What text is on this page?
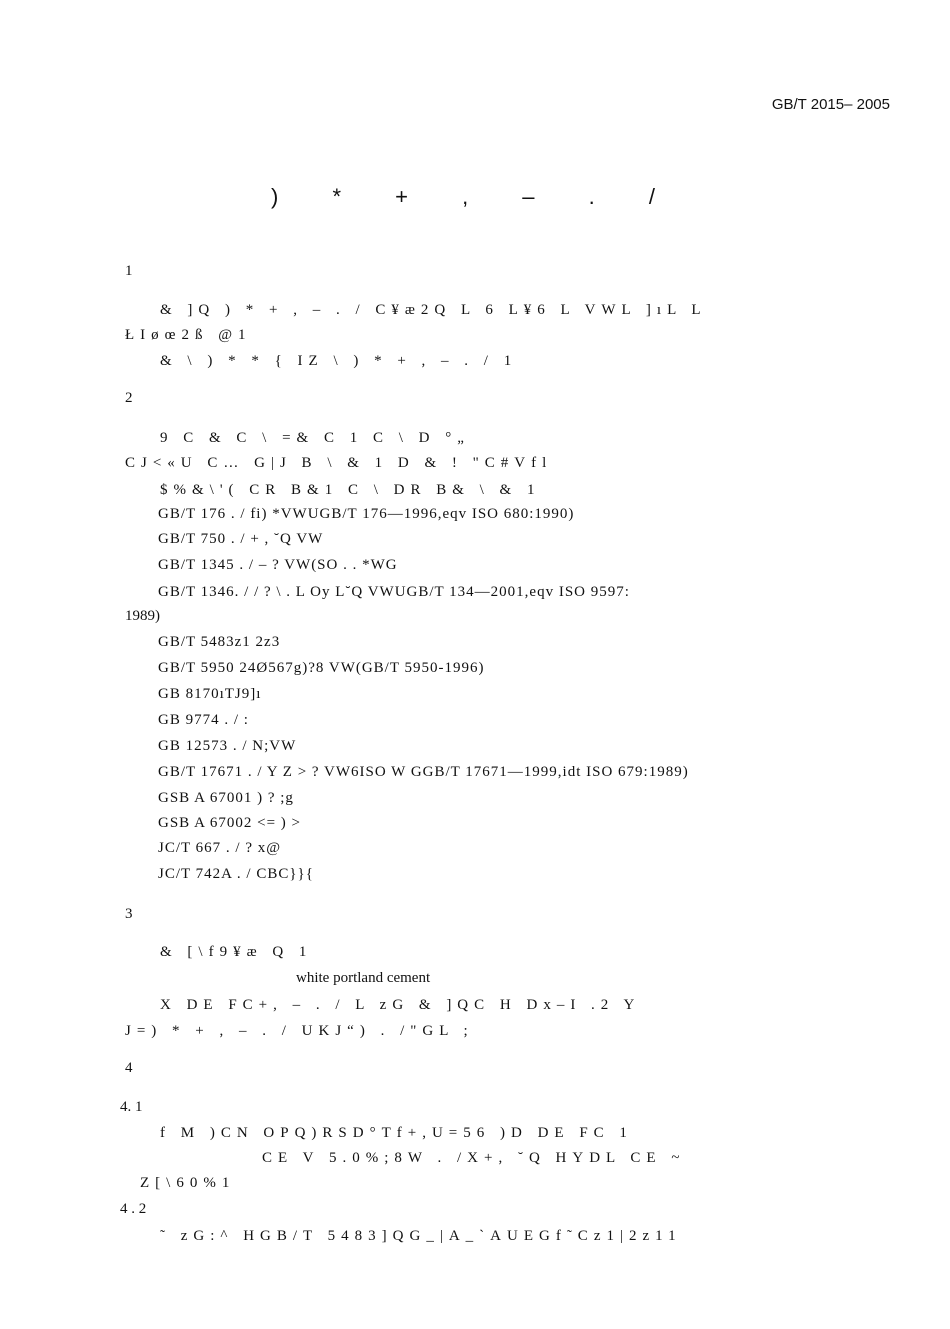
GB/T 2015– 2005
) * + , – . /
1
& ]Q ) * + , – . / C¥æ2Q L 6 L¥6 L VWL ]ıL L
ŁIøœ2ß @1
& \ ) * * { IZ \ ) * + , – . / 1
2
9 C & C \ =& C 1 C \ D °„
CJ<«U C… G|J B \ & 1 D & ! "C#Vfl
$%&\'( CR B&1 C \ DR B& \ & 1
GB/T 176 . / fi) *VWUGB/T 176—1996,eqv ISO 680:1990)
GB/T 750 . / + , ˘Q VW
GB/T 1345 . / – ? VW(SO . . *WG
GB/T 1346. / / ? \ . L Oy L˘Q VWUGB/T 134—2001,eqv ISO 9597:
1989)
GB/T 5483z1 2z3
GB/T 5950 24Ø567g)?8 VW(GB/T 5950-1996)
GB 8170ıTJ9]ı
GB 9774 . / :
GB 12573 . / N;VW
GB/T 17671 . / Y Z > ? VW6ISO W GGB/T 17671—1999,idt ISO 679:1989)
GSB A 67001 ) ? ;g
GSB A 67002 <= ) >
JC/T 667 . / ? x@
JC/T 742A . / CBC}}{
3
& [\f9¥æ Q 1
white portland cement
X DE FC+, – . / L zG & ]QC H Dx–I .2 Y
J=) * + , – . / UKJ“) . /"GL ;
4
4. 1
f M )CN OPQ)RSD°Tf+,U=56 )D DE FC 1
CE V 5.0%;8W . /X+, ˘Q HYDL CE ~
Z[\60%1
4 . 2
˜ zG:^ HGB/T 5483]QG_|A_`AUEGf˜Cz1|2z11
